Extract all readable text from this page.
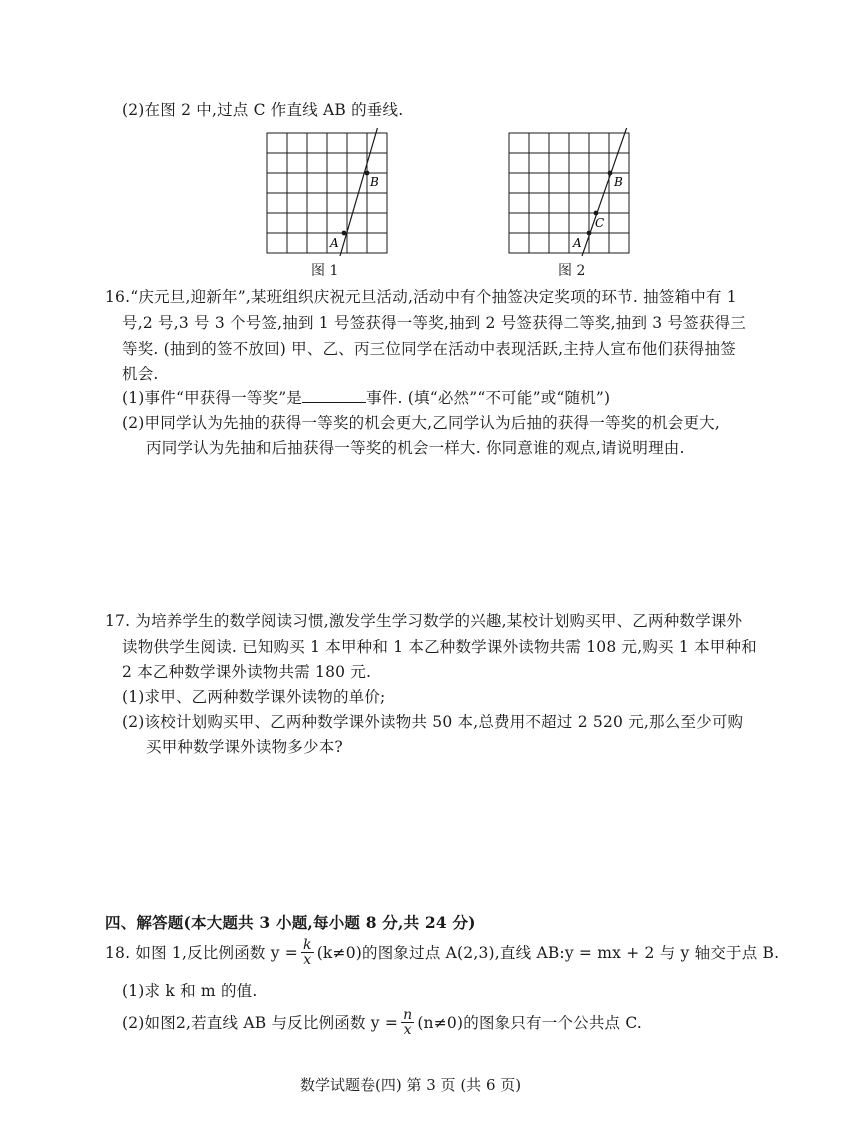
(2)在图 2 中,过点 C 作直线 AB 的垂线.
A
B
图 1
A
C
B
图 2
16.“庆元旦,迎新年”,某班组织庆祝元旦活动,活动中有个抽签决定奖项的环节. 抽签箱中有 1
号,2 号,3 号 3 个号签,抽到 1 号签获得一等奖,抽到 2 号签获得二等奖,抽到 3 号签获得三
等奖. (抽到的签不放回) 甲、乙、丙三位同学在活动中表现活跃,主持人宣布他们获得抽签
机会.
(1)事件“甲获得一等奖”是	事件. (填“必然”“不可能”或“随机”)
(2)甲同学认为先抽的获得一等奖的机会更大,乙同学认为后抽的获得一等奖的机会更大,
丙同学认为先抽和后抽获得一等奖的机会一样大. 你同意谁的观点,请说明理由.
17. 为培养学生的数学阅读习惯,激发学生学习数学的兴趣,某校计划购买甲、乙两种数学课外
读物供学生阅读. 已知购买 1 本甲种和 1 本乙种数学课外读物共需 108 元,购买 1 本甲种和
2 本乙种数学课外读物共需 180 元.
(1)求甲、乙两种数学课外读物的单价;
(2)该校计划购买甲、乙两种数学课外读物共 50 本,总费用不超过 2 520 元,那么至少可购
买甲种数学课外读物多少本?
四、解答题(本大题共 3 小题,每小题 8 分,共 24 分)
18. 如图 1,反比例函数 $y = \frac{k}{x} (k\ne 0)$的图象过点 A(2,3),直线 AB:y = mx + 2 与 y 轴交于点 B.
(1)求 k 和 m 的值.
(2)如图2,若直线 AB 与反比例函数 $y = \frac{n}{x} (n\ne 0)$的图象只有一个公共点 C.
数学试题卷(四) 第 3 页 (共 6 页)
